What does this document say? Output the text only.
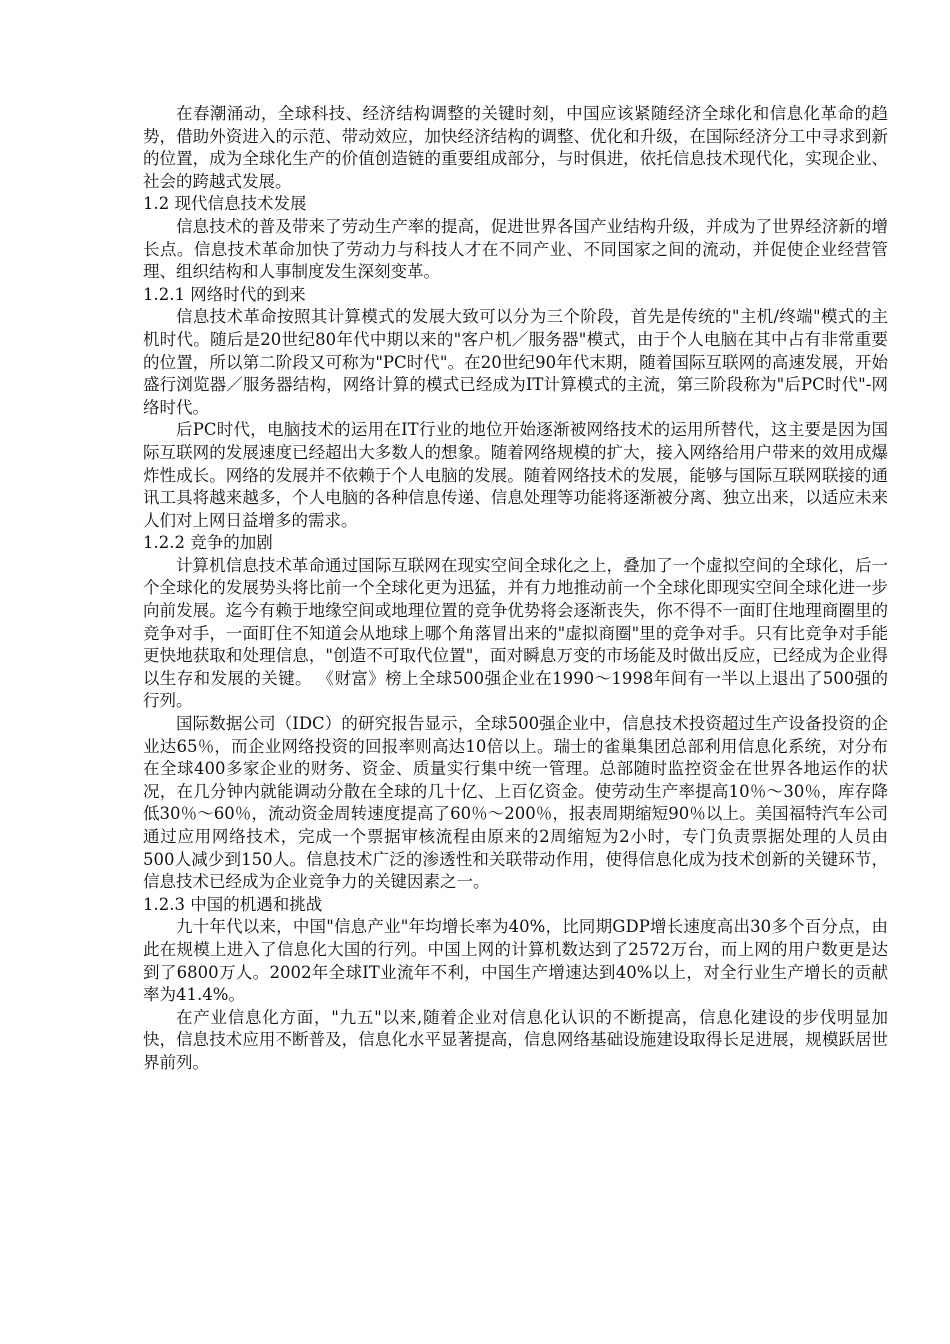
在春潮涌动，全球科技、经济结构调整的关键时刻，中国应该紧随经济全球化和信息化革命的趋势，借助外资进入的示范、带动效应，加快经济结构的调整、优化和升级，在国际经济分工中寻求到新的位置，成为全球化生产的价值创造链的重要组成部分，与时俱进，依托信息技术现代化，实现企业、社会的跨越式发展。

1.2 现代信息技术发展

信息技术的普及带来了劳动生产率的提高，促进世界各国产业结构升级，并成为了世界经济新的增长点。信息技术革命加快了劳动力与科技人才在不同产业、不同国家之间的流动，并促使企业经营管理、组织结构和人事制度发生深刻变革。

1.2.1 网络时代的到来

信息技术革命按照其计算模式的发展大致可以分为三个阶段，首先是传统的"主机/终端"模式的主机时代。随后是20世纪80年代中期以来的"客户机／服务器"模式，由于个人电脑在其中占有非常重要的位置，所以第二阶段又可称为"PC时代"。在20世纪90年代末期，随着国际互联网的高速发展，开始盛行浏览器／服务器结构，网络计算的模式已经成为IT计算模式的主流，第三阶段称为"后PC时代"-网络时代。

后PC时代，电脑技术的运用在IT行业的地位开始逐渐被网络技术的运用所替代，这主要是因为国际互联网的发展速度已经超出大多数人的想象。随着网络规模的扩大，接入网络给用户带来的效用成爆炸性成长。网络的发展并不依赖于个人电脑的发展。随着网络技术的发展，能够与国际互联网联接的通讯工具将越来越多，个人电脑的各种信息传递、信息处理等功能将逐渐被分离、独立出来，以适应未来人们对上网日益增多的需求。

1.2.2 竞争的加剧

计算机信息技术革命通过国际互联网在现实空间全球化之上，叠加了一个虚拟空间的全球化，后一个全球化的发展势头将比前一个全球化更为迅猛，并有力地推动前一个全球化即现实空间全球化进一步向前发展。迄今有赖于地缘空间或地理位置的竞争优势将会逐渐丧失，你不得不一面盯住地理商圈里的竞争对手，一面盯住不知道会从地球上哪个角落冒出来的"虚拟商圈"里的竞争对手。只有比竞争对手能更快地获取和处理信息，"创造不可取代位置"，面对瞬息万变的市场能及时做出反应，已经成为企业得以生存和发展的关键。 《财富》榜上全球500强企业在1990～1998年间有一半以上退出了500强的行列。

国际数据公司（IDC）的研究报告显示，全球500强企业中，信息技术投资超过生产设备投资的企业达65％，而企业网络投资的回报率则高达10倍以上。瑞士的雀巢集团总部利用信息化系统，对分布在全球400多家企业的财务、资金、质量实行集中统一管理。总部随时监控资金在世界各地运作的状况，在几分钟内就能调动分散在全球的几十亿、上百亿资金。使劳动生产率提高10％～30％，库存降低30％～60％，流动资金周转速度提高了60％～200％，报表周期缩短90％以上。美国福特汽车公司通过应用网络技术，完成一个票据审核流程由原来的2周缩短为2小时，专门负责票据处理的人员由500人减少到150人。信息技术广泛的渗透性和关联带动作用，使得信息化成为技术创新的关键环节，信息技术已经成为企业竞争力的关键因素之一。

1.2.3 中国的机遇和挑战

九十年代以来，中国"信息产业"年均增长率为40%，比同期GDP增长速度高出30多个百分点，由此在规模上进入了信息化大国的行列。中国上网的计算机数达到了2572万台，而上网的用户数更是达到了6800万人。2002年全球IT业流年不利，中国生产增速达到40%以上，对全行业生产增长的贡献率为41.4%。

在产业信息化方面，"九五"以来,随着企业对信息化认识的不断提高，信息化建设的步伐明显加快，信息技术应用不断普及，信息化水平显著提高，信息网络基础设施建设取得长足进展，规模跃居世界前列。
